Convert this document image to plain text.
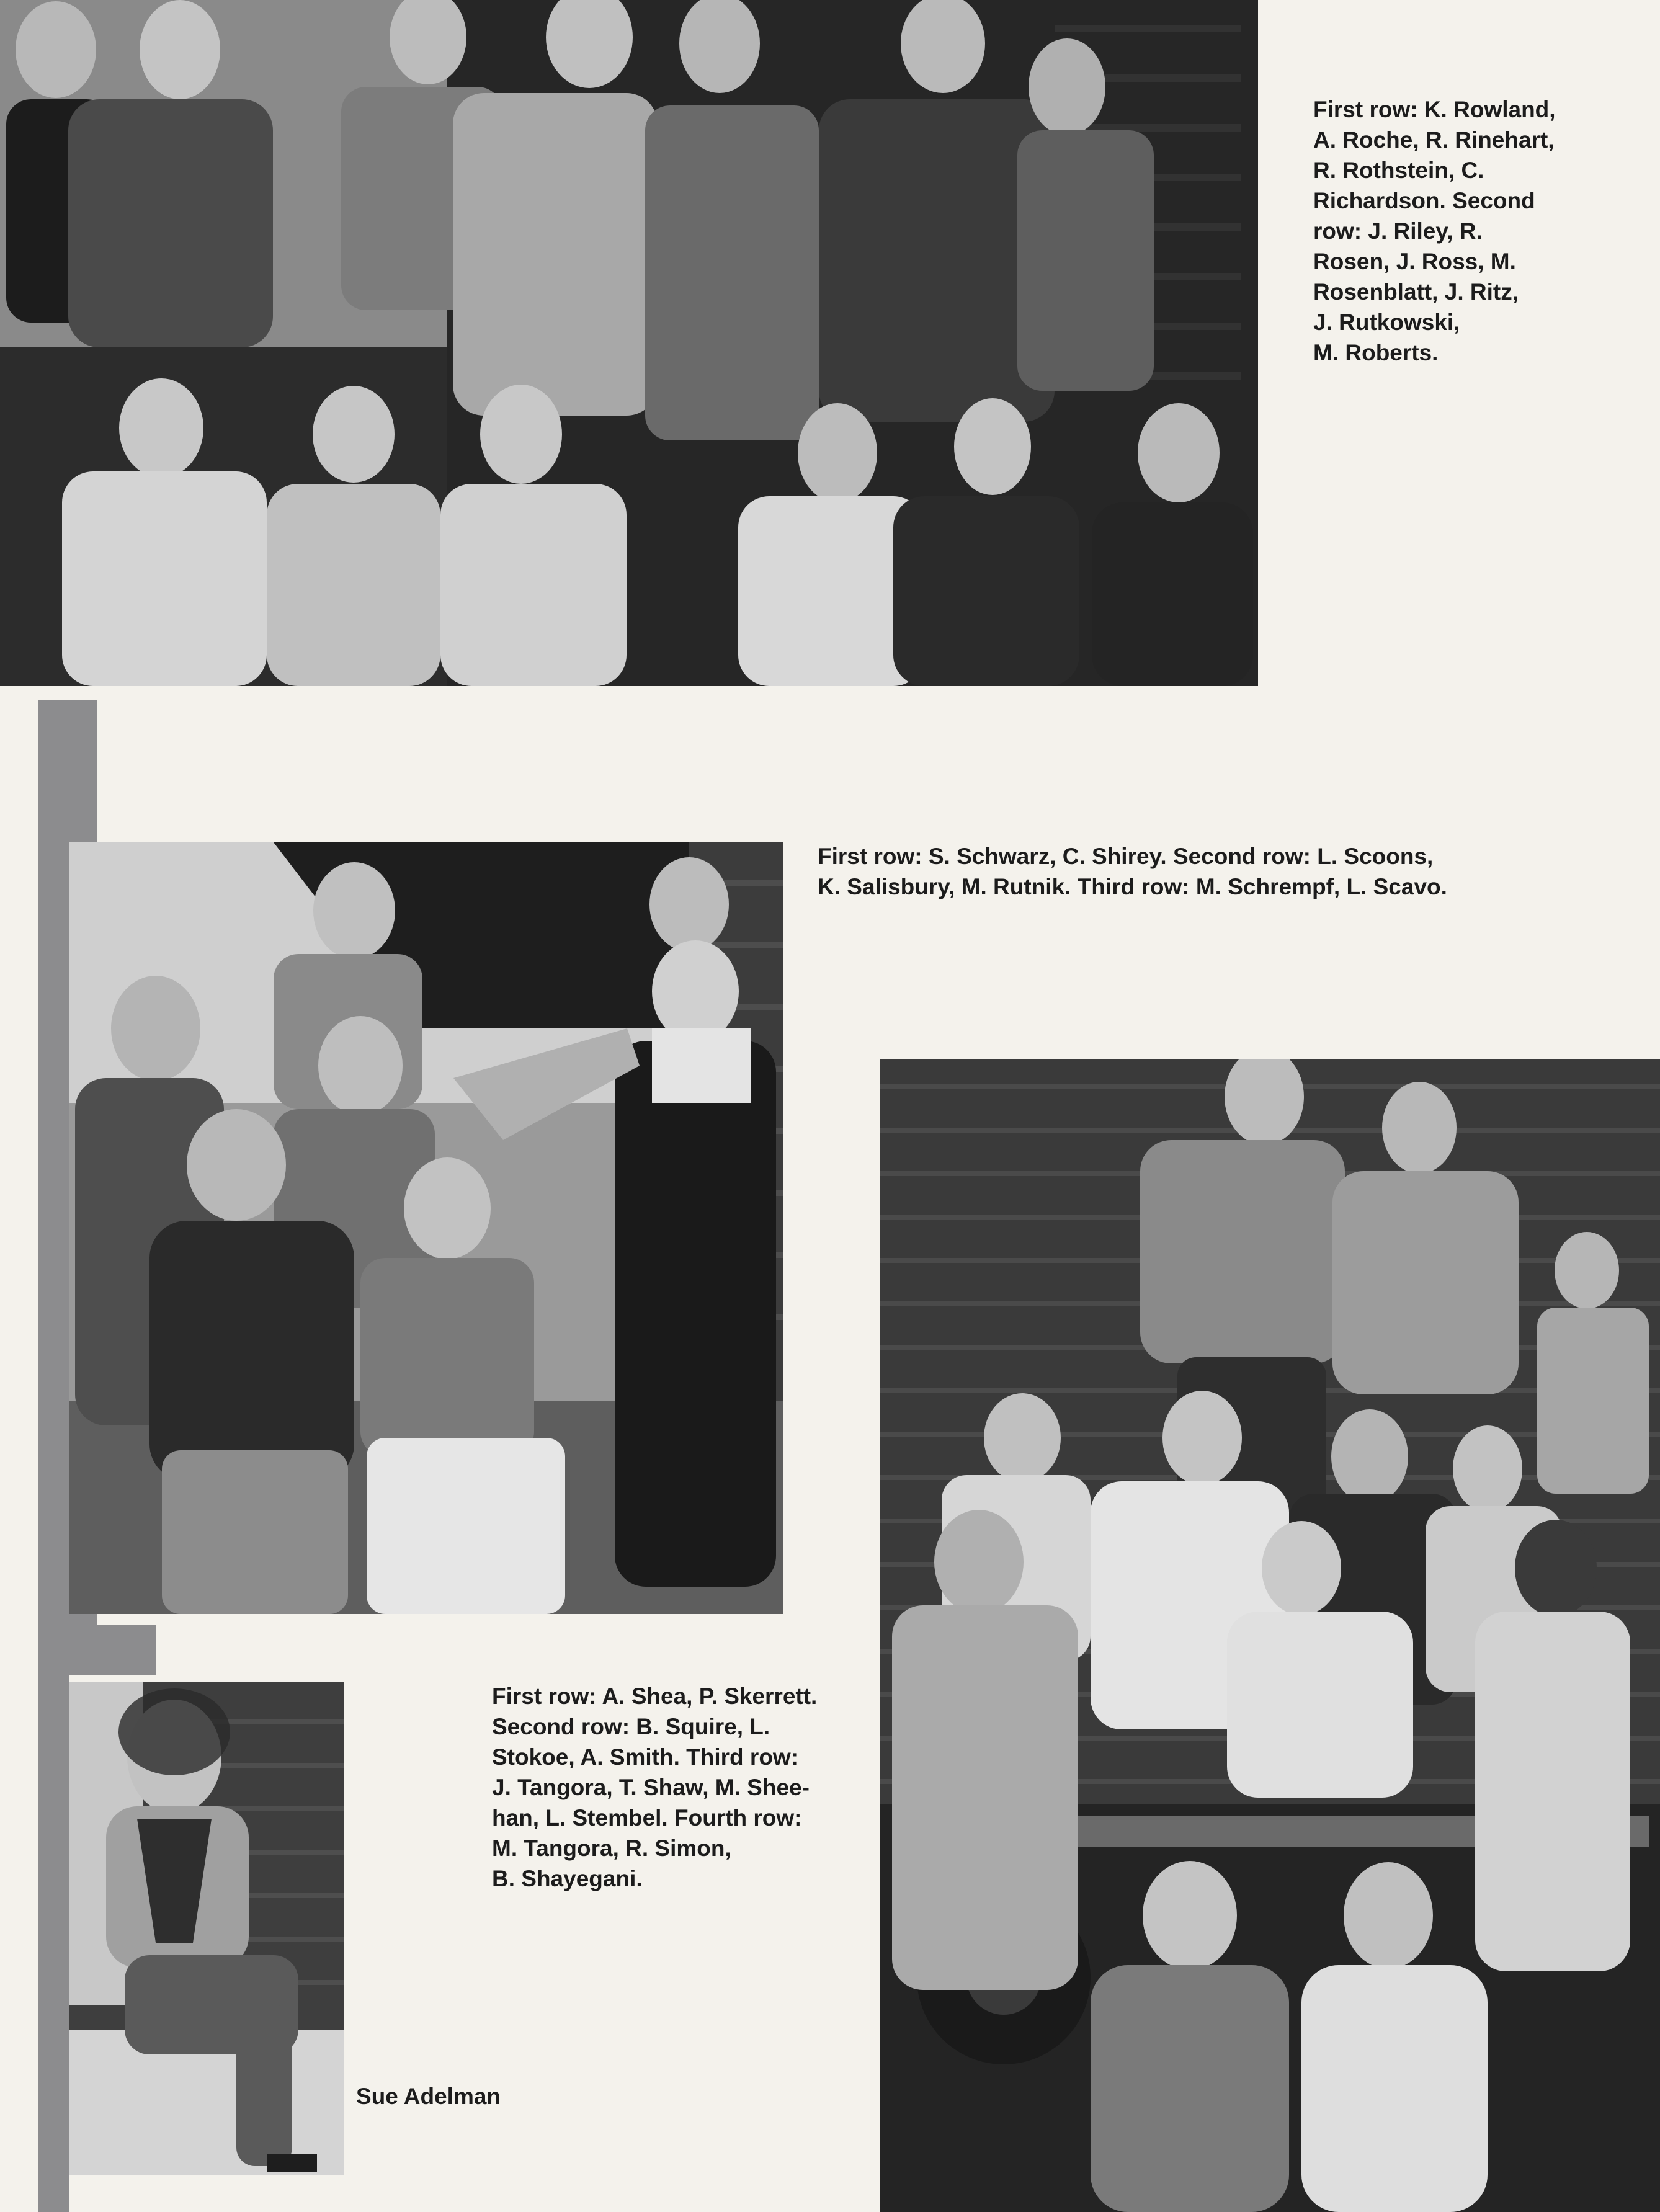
First row: K. Rowland,
A. Roche, R. Rinehart,
R. Rothstein, C.
Richardson. Second
row: J. Riley, R.
Rosen, J. Ross, M.
Rosenblatt, J. Ritz,
J. Rutkowski,
M. Roberts.
First row: S. Schwarz, C. Shirey. Second row: L. Scoons,
K. Salisbury, M. Rutnik. Third row: M. Schrempf, L. Scavo.
First row: A. Shea, P. Skerrett.
Second row: B. Squire, L.
Stokoe, A. Smith. Third row:
J. Tangora, T. Shaw, M. Shee-
han, L. Stembel. Fourth row:
M. Tangora, R. Simon,
B. Shayegani.
Sue Adelman
